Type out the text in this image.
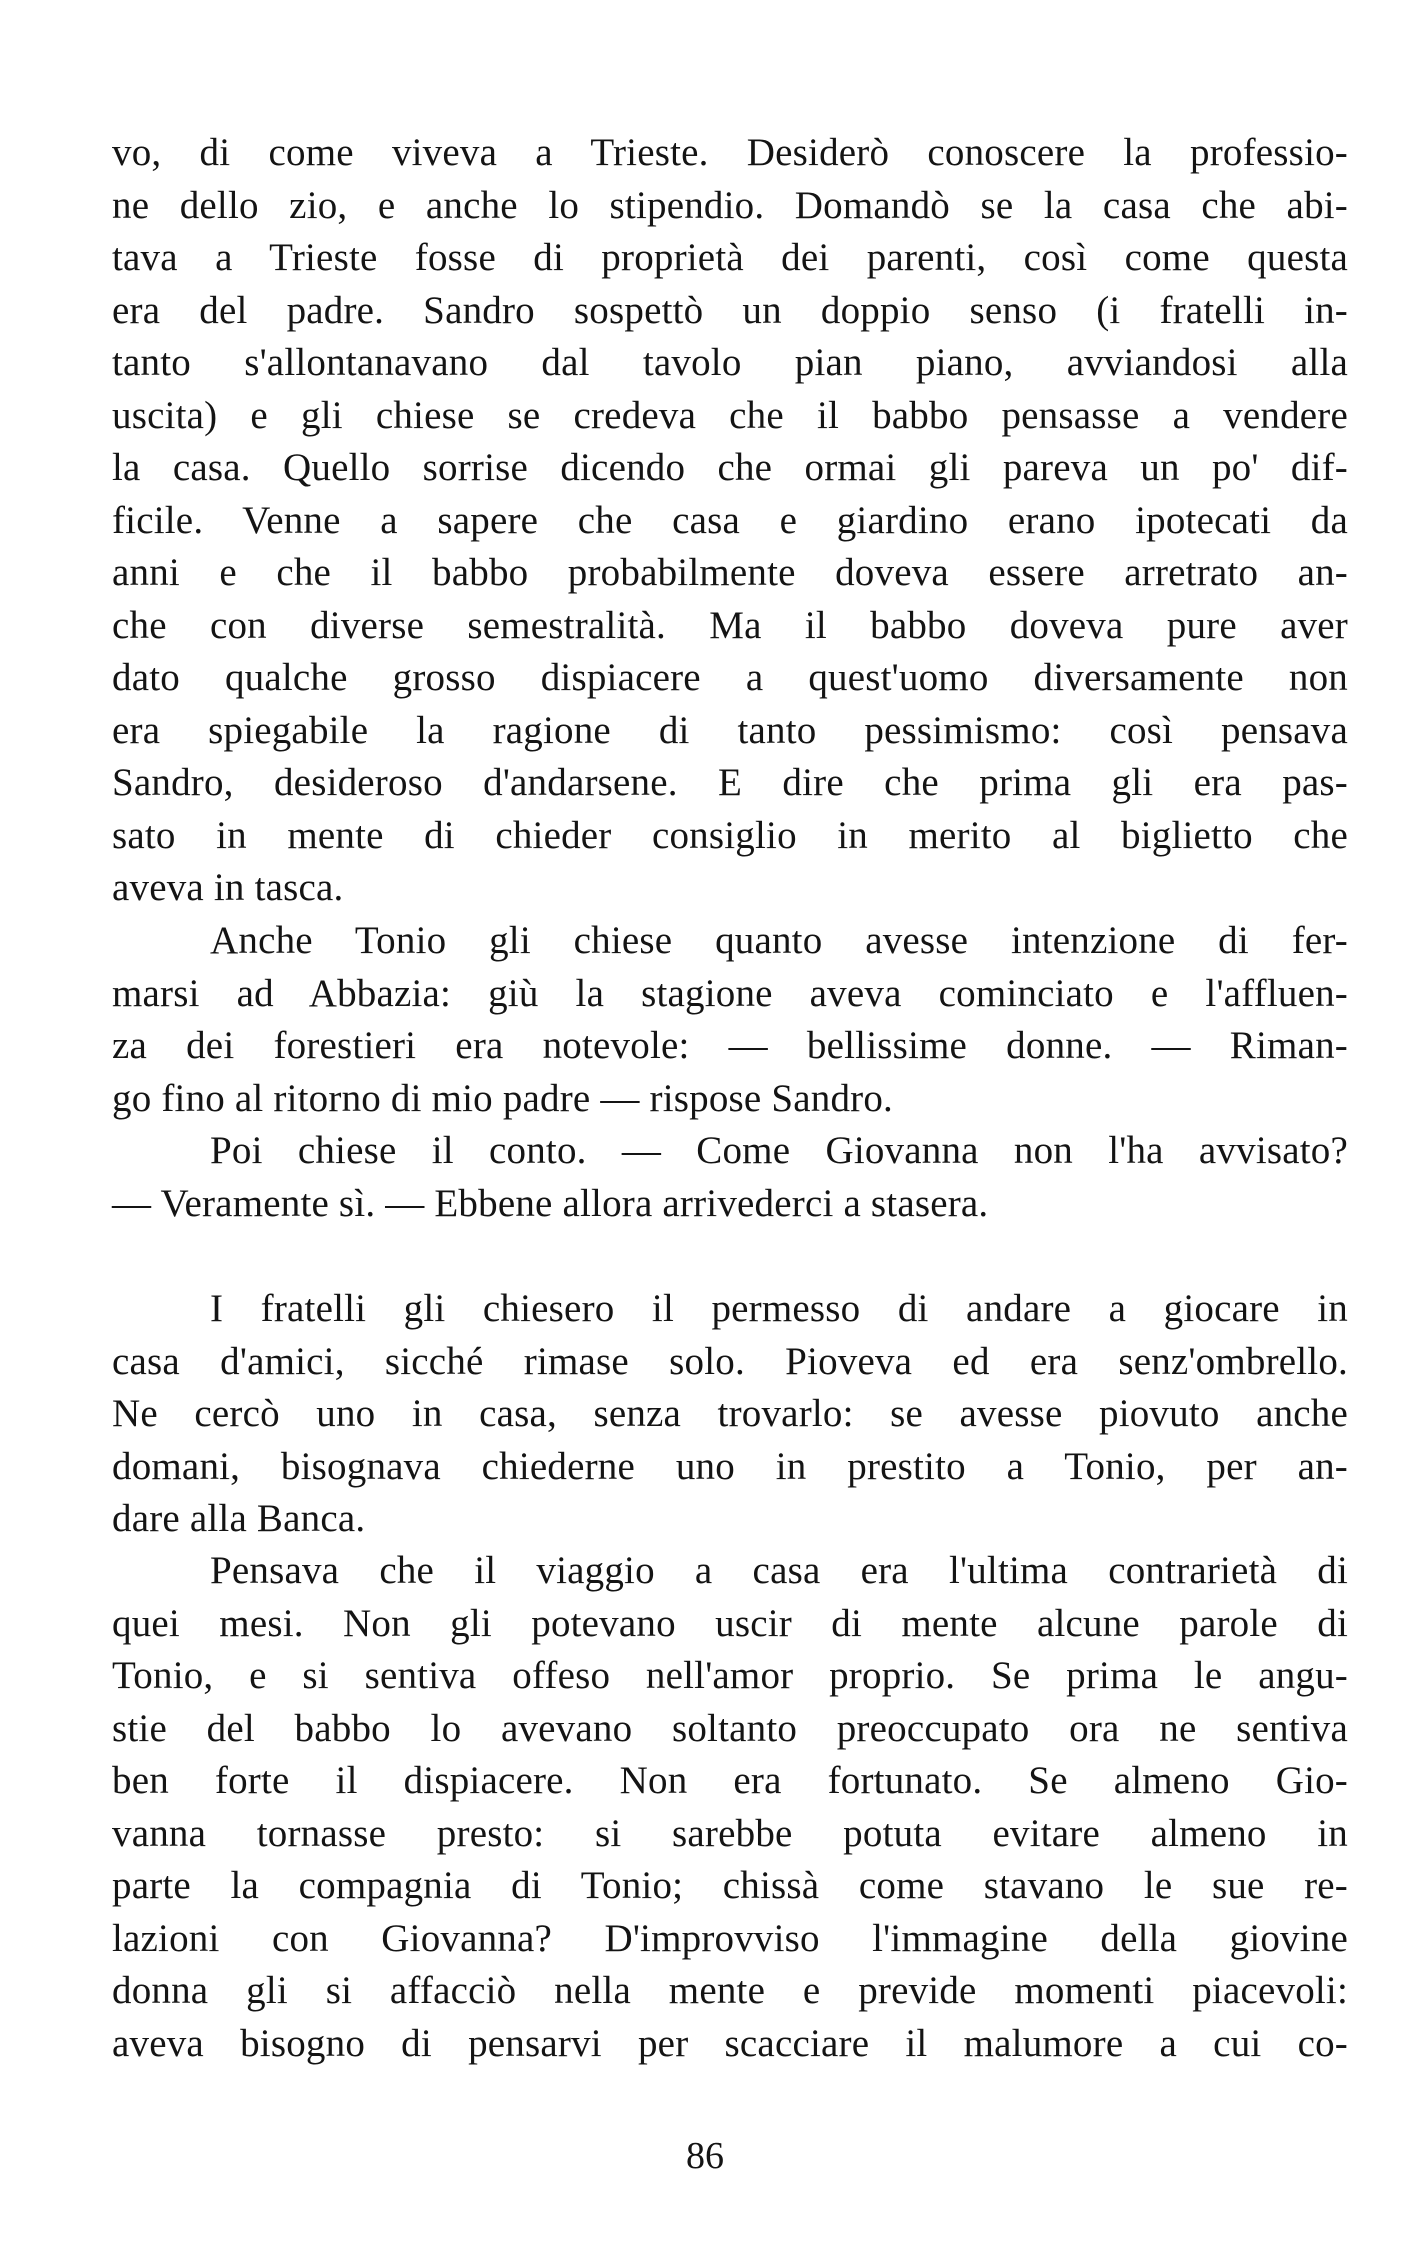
vo, di come viveva a Trieste. Desiderò conoscere la professio-
ne dello zio, e anche lo stipendio. Domandò se la casa che abi-
tava a Trieste fosse di proprietà dei parenti, così come questa
era del padre. Sandro sospettò un doppio senso (i fratelli in-
tanto s'allontanavano dal tavolo pian piano, avviandosi alla
uscita) e gli chiese se credeva che il babbo pensasse a vendere
la casa. Quello sorrise dicendo che ormai gli pareva un po' dif-
ficile. Venne a sapere che casa e giardino erano ipotecati da
anni e che il babbo probabilmente doveva essere arretrato an-
che con diverse semestralità. Ma il babbo doveva pure aver
dato qualche grosso dispiacere a quest'uomo diversamente non
era spiegabile la ragione di tanto pessimismo: così pensava
Sandro, desideroso d'andarsene. E dire che prima gli era pas-
sato in mente di chieder consiglio in merito al biglietto che
aveva in tasca.
Anche Tonio gli chiese quanto avesse intenzione di fer-
marsi ad Abbazia: giù la stagione aveva cominciato e l'affluen-
za dei forestieri era notevole: — bellissime donne. — Riman-
go fino al ritorno di mio padre — rispose Sandro.
Poi chiese il conto. — Come Giovanna non l'ha avvisato?
— Veramente sì. — Ebbene allora arrivederci a stasera.
I fratelli gli chiesero il permesso di andare a giocare in
casa d'amici, sicché rimase solo. Pioveva ed era senz'ombrello.
Ne cercò uno in casa, senza trovarlo: se avesse piovuto anche
domani, bisognava chiederne uno in prestito a Tonio, per an-
dare alla Banca.
Pensava che il viaggio a casa era l'ultima contrarietà di
quei mesi. Non gli potevano uscir di mente alcune parole di
Tonio, e si sentiva offeso nell'amor proprio. Se prima le angu-
stie del babbo lo avevano soltanto preoccupato ora ne sentiva
ben forte il dispiacere. Non era fortunato. Se almeno Gio-
vanna tornasse presto: si sarebbe potuta evitare almeno in
parte la compagnia di Tonio; chissà come stavano le sue re-
lazioni con Giovanna? D'improvviso l'immagine della giovine
donna gli si affacciò nella mente e previde momenti piacevoli:
aveva bisogno di pensarvi per scacciare il malumore a cui co-
86
